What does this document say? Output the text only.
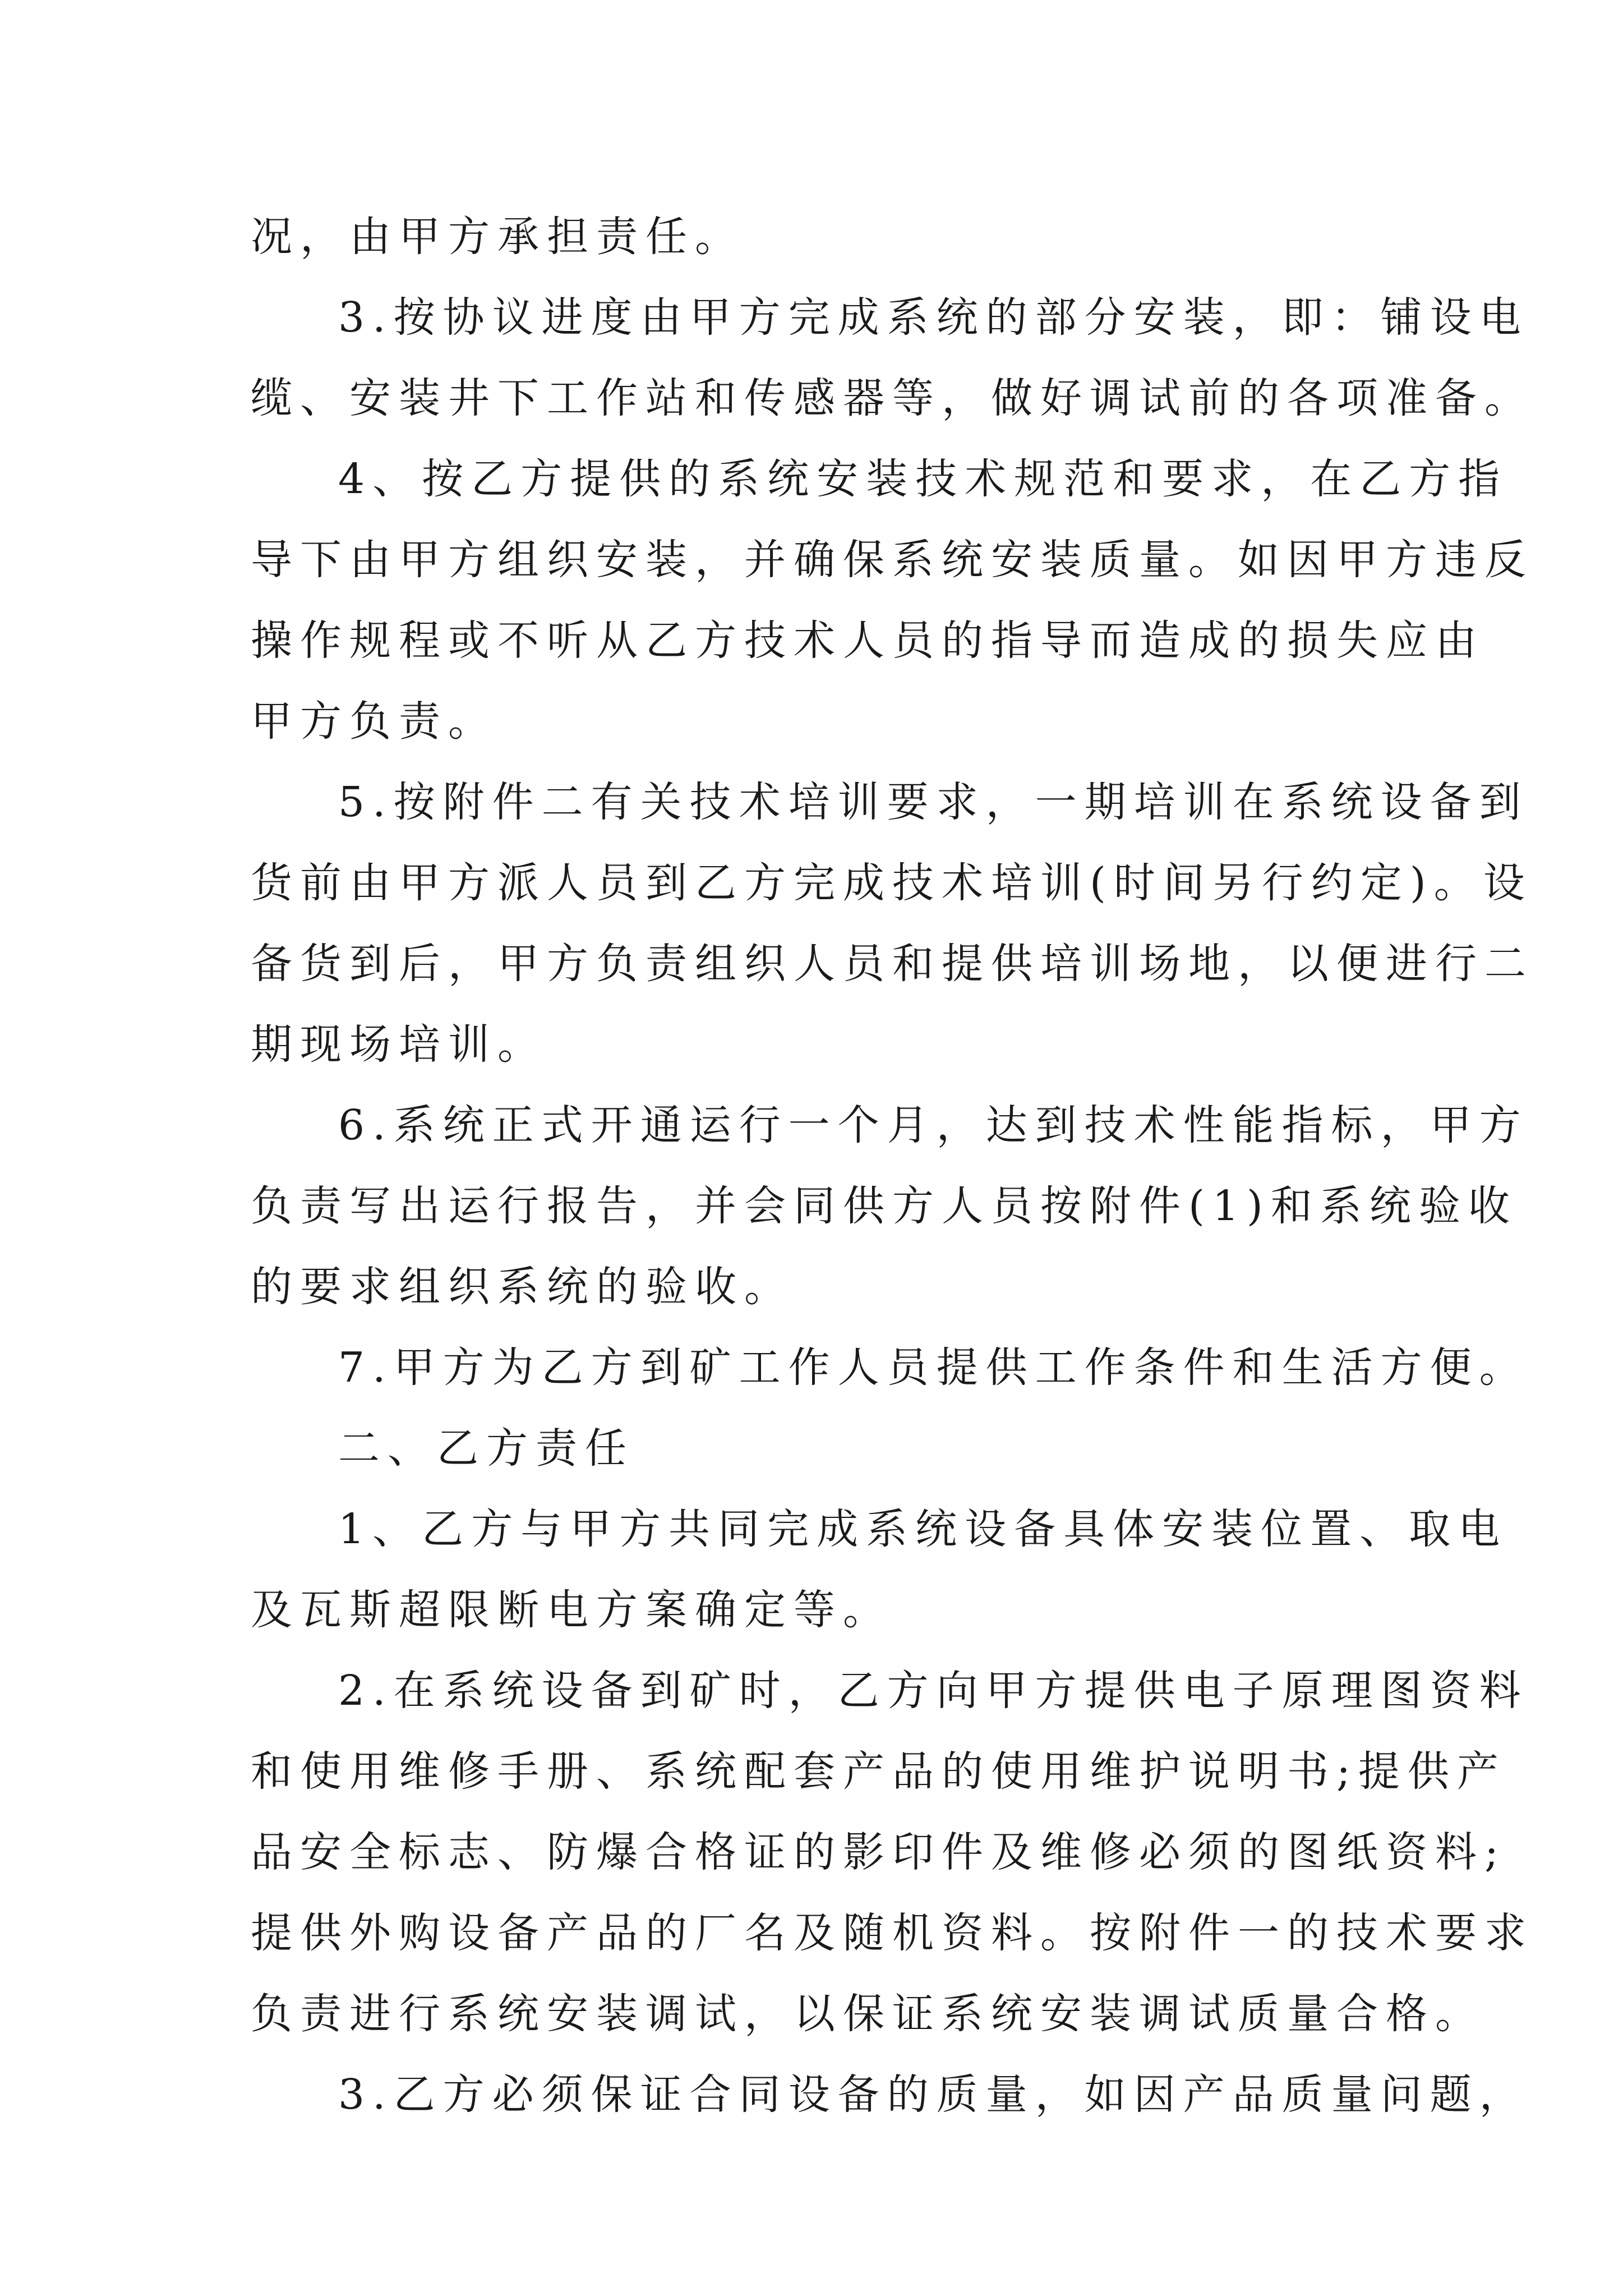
况，由甲方承担责任。
3.按协议进度由甲方完成系统的部分安装，即：铺设电
缆、安装井下工作站和传感器等，做好调试前的各项准备。
4、按乙方提供的系统安装技术规范和要求，在乙方指
导下由甲方组织安装，并确保系统安装质量。如因甲方违反
操作规程或不听从乙方技术人员的指导而造成的损失应由
甲方负责。
5.按附件二有关技术培训要求，一期培训在系统设备到
货前由甲方派人员到乙方完成技术培训(时间另行约定)。设
备货到后，甲方负责组织人员和提供培训场地，以便进行二
期现场培训。
6.系统正式开通运行一个月，达到技术性能指标，甲方
负责写出运行报告，并会同供方人员按附件(1)和系统验收
的要求组织系统的验收。
7.甲方为乙方到矿工作人员提供工作条件和生活方便。
二、乙方责任
1、乙方与甲方共同完成系统设备具体安装位置、取电
及瓦斯超限断电方案确定等。
2.在系统设备到矿时，乙方向甲方提供电子原理图资料
和使用维修手册、系统配套产品的使用维护说明书;提供产
品安全标志、防爆合格证的影印件及维修必须的图纸资料;
提供外购设备产品的厂名及随机资料。按附件一的技术要求
负责进行系统安装调试，以保证系统安装调试质量合格。
3.乙方必须保证合同设备的质量，如因产品质量问题，
